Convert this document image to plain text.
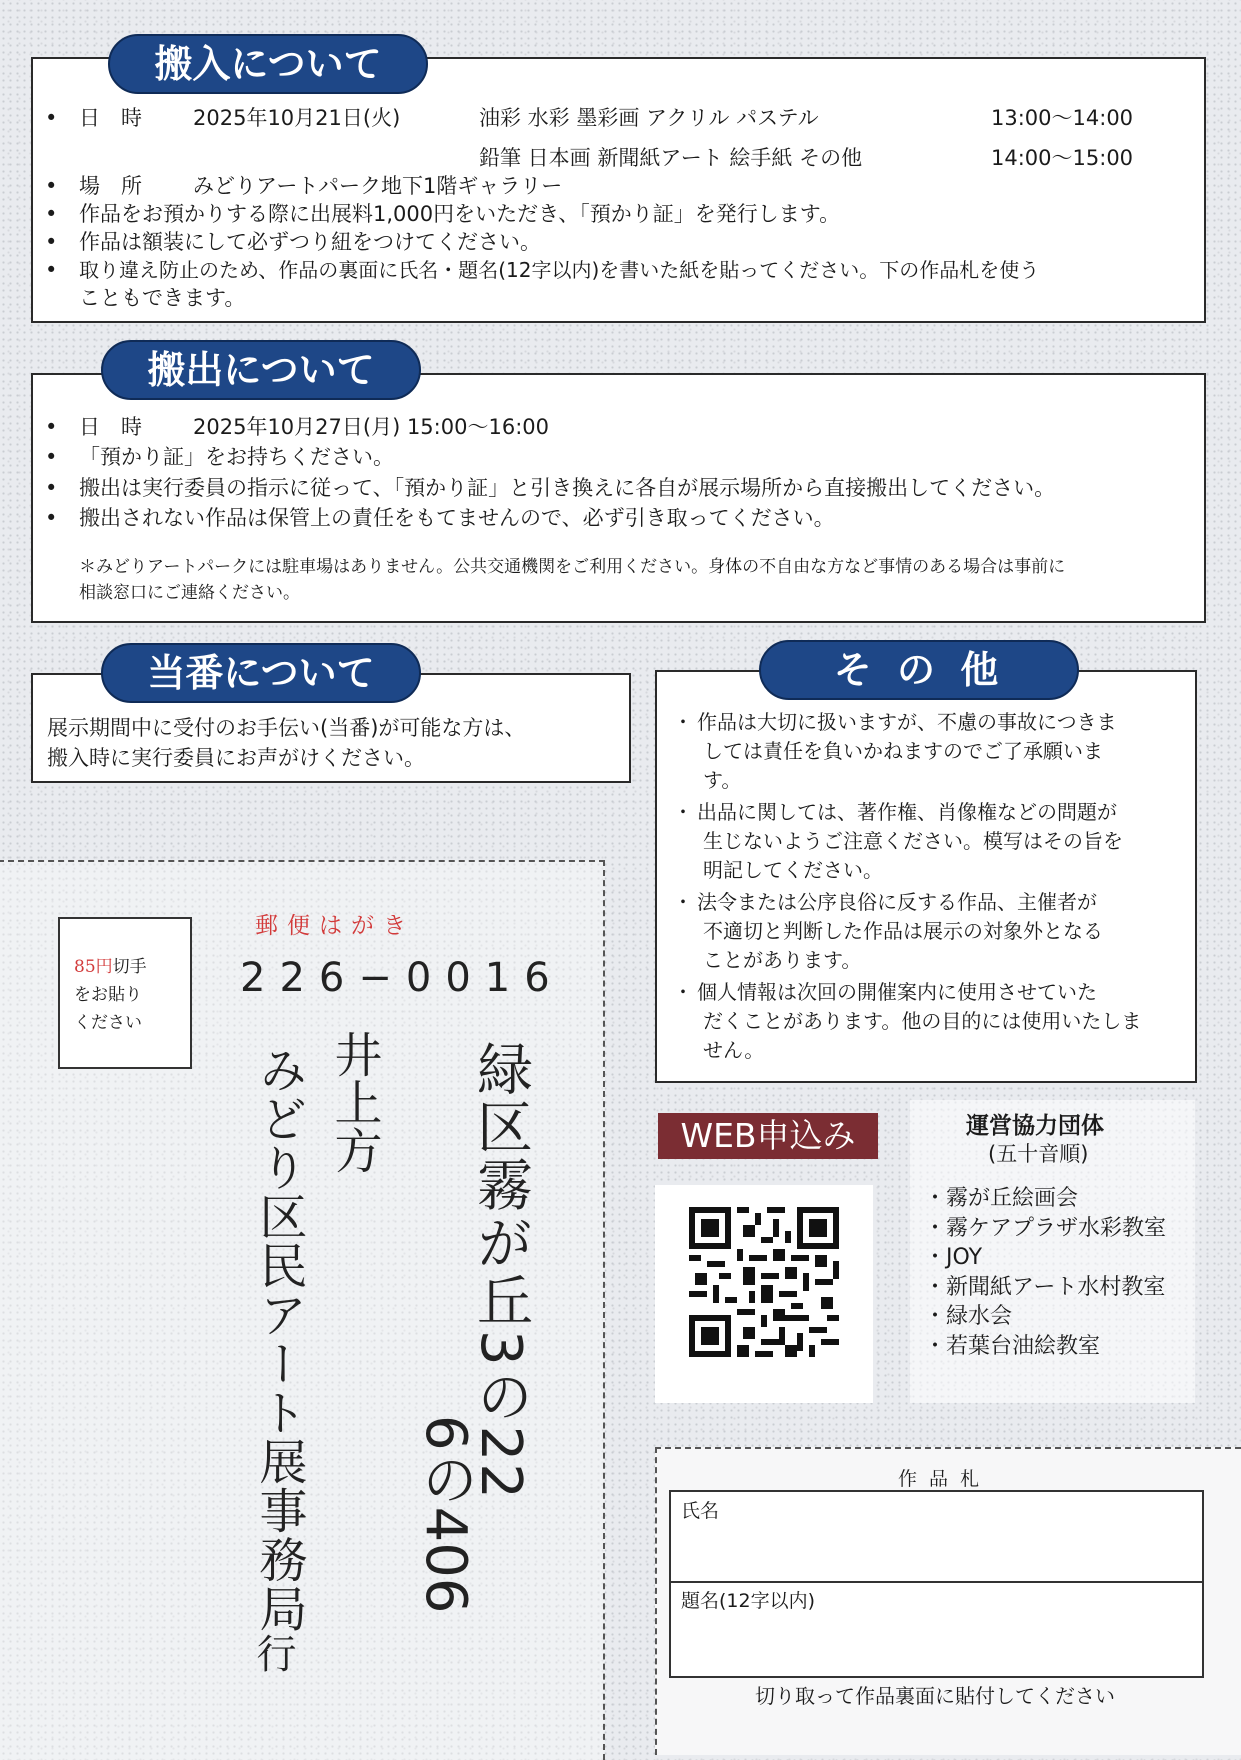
• 日　時 2025年10月21日(火)	油彩 水彩 墨彩画 アクリル パステル	13:00〜14:00
鉛筆 日本画 新聞紙アート 絵手紙 その他	14:00〜15:00
• 場　所 みどりアートパーク地下1階ギャラリー
• 作品をお預かりする際に出展料1,000円をいただき、「預かり証」を発行します。
• 作品は額装にして必ずつり紐をつけてください。
• 取り違え防止のため、作品の裏面に氏名・題名(12字以内)を書いた紙を貼ってください。下の作品札を使う
こともできます。
搬入について
• 日　時 2025年10月27日(月) 15:00〜16:00
• 「預かり証」をお持ちください。
• 搬出は実行委員の指示に従って、「預かり証」と引き換えに各自が展示場所から直接搬出してください。
• 搬出されない作品は保管上の責任をもてませんので、必ず引き取ってください。
＊みどりアートパークには駐車場はありません。公共交通機関をご利用ください。身体の不自由な方など事情のある場合は事前に
相談窓口にご連絡ください。
搬出について
展示期間中に受付のお手伝い(当番)が可能な方は、
搬入時に実行委員にお声がけください。
当番について
・ 作品は大切に扱いますが、不慮の事故につきま
しては責任を負いかねますのでご了承願いま
す。
・ 出品に関しては、著作権、肖像権などの問題が
生じないようご注意ください。模写はその旨を
明記してください。
・ 法令または公序良俗に反する作品、主催者が
不適切と判断した作品は展示の対象外となる
ことがあります。
・ 個人情報は次回の開催案内に使用させていた
だくことがあります。他の目的には使用いたしま
せん。
そ の 他
郵便はがき
85円切手
をお貼り
ください
226−0016
緑区霧が丘3の22
6の406
井上方
みどり区民アート展事務局
行
WEB申込み	運営協力団体
(五十音順)
・霧が丘絵画会
・霧ケアプラザ水彩教室
・JOY
・新聞紙アート水村教室
・緑水会
・若葉台油絵教室
作 品 札
氏名
題名(12字以内)
切り取って作品裏面に貼付してください
